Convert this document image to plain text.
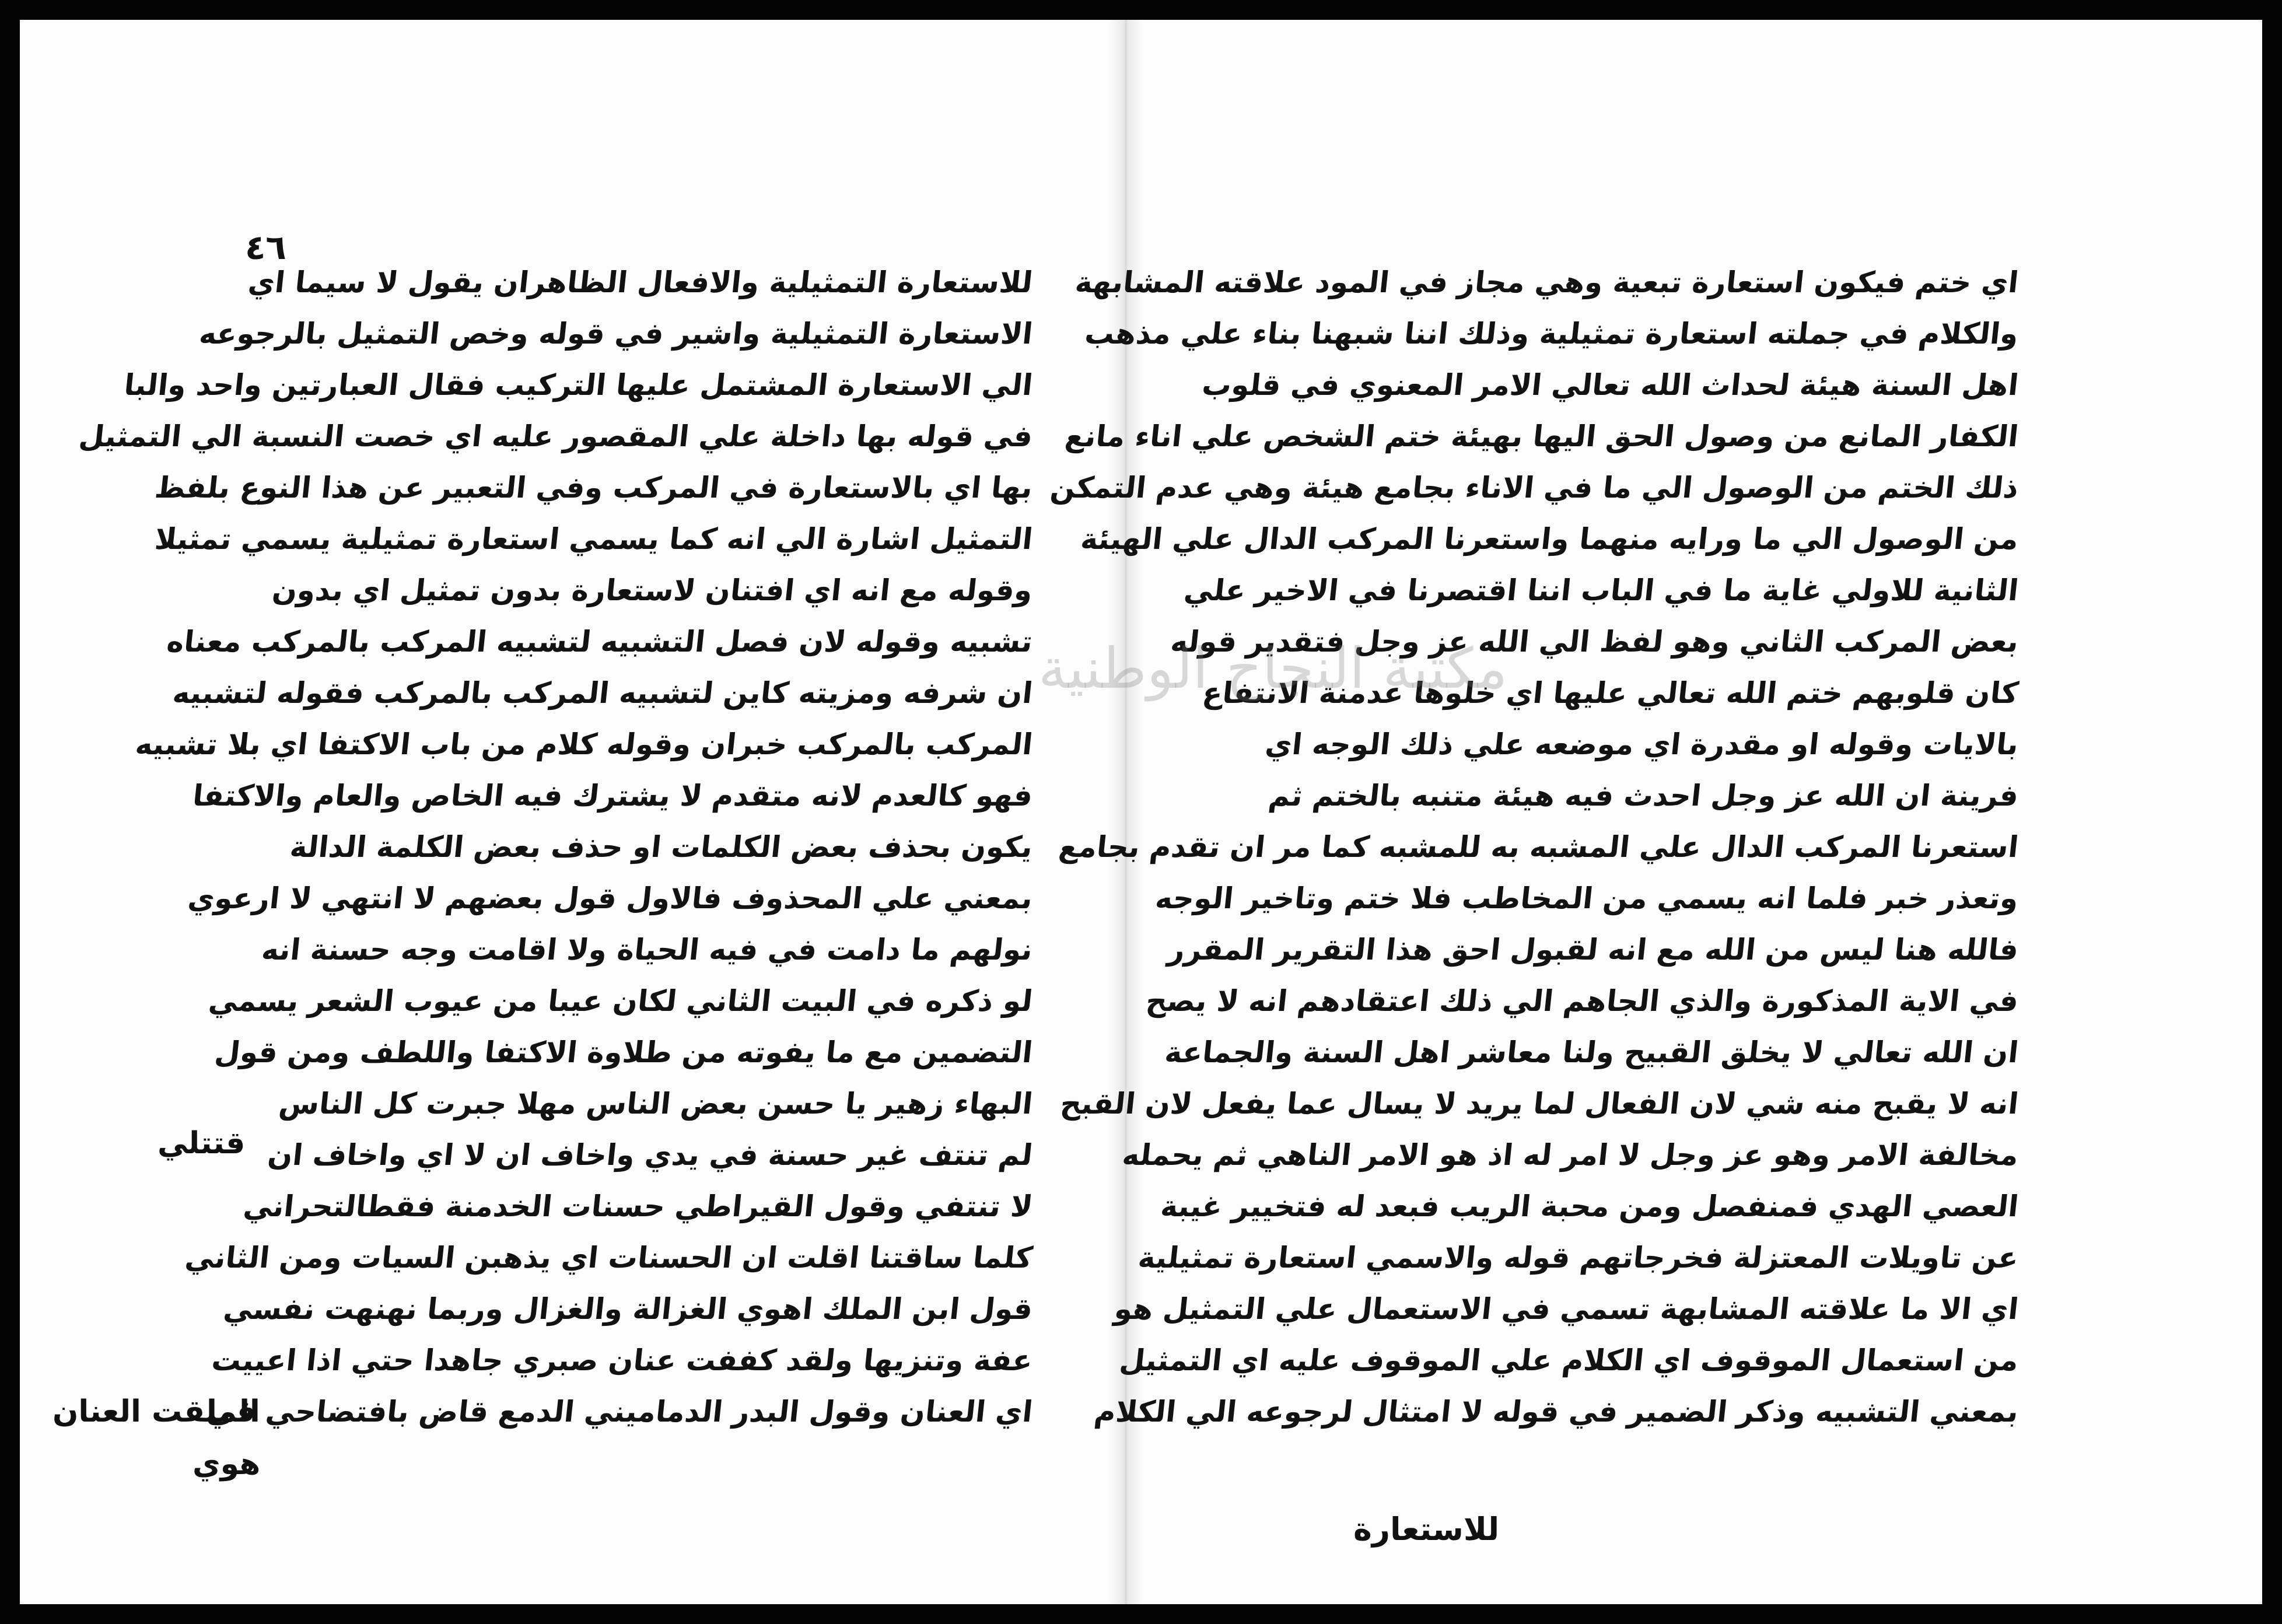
٤٦
للاستعارة التمثيلية والافعال الظاهران يقول لا سيما اي
الاستعارة التمثيلية واشير في قوله وخص التمثيل بالرجوعه
الي الاستعارة المشتمل عليها التركيب فقال العبارتين واحد والبا
في قوله بها داخلة علي المقصور عليه اي خصت النسبة الي التمثيل
بها اي بالاستعارة في المركب وفي التعبير عن هذا النوع بلفظ
التمثيل اشارة الي انه كما يسمي استعارة تمثيلية يسمي تمثيلا
وقوله مع انه اي افتنان لاستعارة بدون تمثيل اي بدون
تشبيه وقوله لان فصل التشبيه لتشبيه المركب بالمركب معناه
ان شرفه ومزيته كاين لتشبيه المركب بالمركب فقوله لتشبيه
المركب بالمركب خبران وقوله كلام من باب الاكتفا اي بلا تشبيه
فهو كالعدم لانه متقدم لا يشترك فيه الخاص والعام والاكتفا
يكون بحذف بعض الكلمات او حذف بعض الكلمة الدالة
بمعني علي المحذوف فالاول قول بعضهم لا انتهي لا ارعوي
نولهم ما دامت في فيه الحياة ولا اقامت وجه حسنة انه
لو ذكره في البيت الثاني لكان عيبا من عيوب الشعر يسمي
التضمين مع ما يفوته من طلاوة الاكتفا واللطف ومن قول
البهاء زهير يا حسن بعض الناس مهلا جبرت كل الناس
لم تنتف غير حسنة في يدي واخاف ان لا اي واخاف ان
لا تنتفي وقول القيراطي حسنات الخدمنة فقطالتحراني
كلما ساقتنا اقلت ان الحسنات اي يذهبن السيات ومن الثاني
قول ابن الملك اهوي الغزالة والغزال وربما نهنهت نفسي
عفة وتنزيها ولقد كففت عنان صبري جاهدا حتي اذا اعييت
اي العنان وقول البدر الدماميني الدمع قاض بافتضاحي في
اي ختم فيكون استعارة تبعية وهي مجاز في المود علاقته المشابهة
والكلام في جملته استعارة تمثيلية وذلك اننا شبهنا بناء علي مذهب
اهل السنة هيئة لحداث الله تعالي الامر المعنوي في قلوب
الكفار المانع من وصول الحق اليها بهيئة ختم الشخص علي اناء مانع
ذلك الختم من الوصول الي ما في الاناء بجامع هيئة وهي عدم التمكن
من الوصول الي ما ورايه منهما واستعرنا المركب الدال علي الهيئة
الثانية للاولي غاية ما في الباب اننا اقتصرنا في الاخير علي
بعض المركب الثاني وهو لفظ الي الله عز وجل فتقدير قوله
كان قلوبهم ختم الله تعالي عليها اي خلوها عدمنة الانتفاع
بالايات وقوله او مقدرة اي موضعه علي ذلك الوجه اي
فرينة ان الله عز وجل احدث فيه هيئة متنبه بالختم ثم
استعرنا المركب الدال علي المشبه به للمشبه كما مر ان تقدم بجامع
وتعذر خبر فلما انه يسمي من المخاطب فلا ختم وتاخير الوجه
فالله هنا ليس من الله مع انه لقبول احق هذا التقرير المقرر
في الاية المذكورة والذي الجاهم الي ذلك اعتقادهم انه لا يصح
ان الله تعالي لا يخلق القبيح ولنا معاشر اهل السنة والجماعة
انه لا يقبح منه شي لان الفعال لما يريد لا يسال عما يفعل لان القبح
مخالفة الامر وهو عز وجل لا امر له اذ هو الامر الناهي ثم يحمله
العصي الهدي فمنفصل ومن محبة الريب فبعد له فتخيير غيبة
عن تاويلات المعتزلة فخرجاتهم قوله والاسمي استعارة تمثيلية
اي الا ما علاقته المشابهة تسمي في الاستعمال علي التمثيل هو
من استعمال الموقوف اي الكلام علي الموقوف عليه اي التمثيل
بمعني التشبيه وذكر الضمير في قوله لا امتثال لرجوعه الي الكلام
قتتلي
الملقت العنان
هوي
للاستعارة
مكتبة النجاح الوطنية
